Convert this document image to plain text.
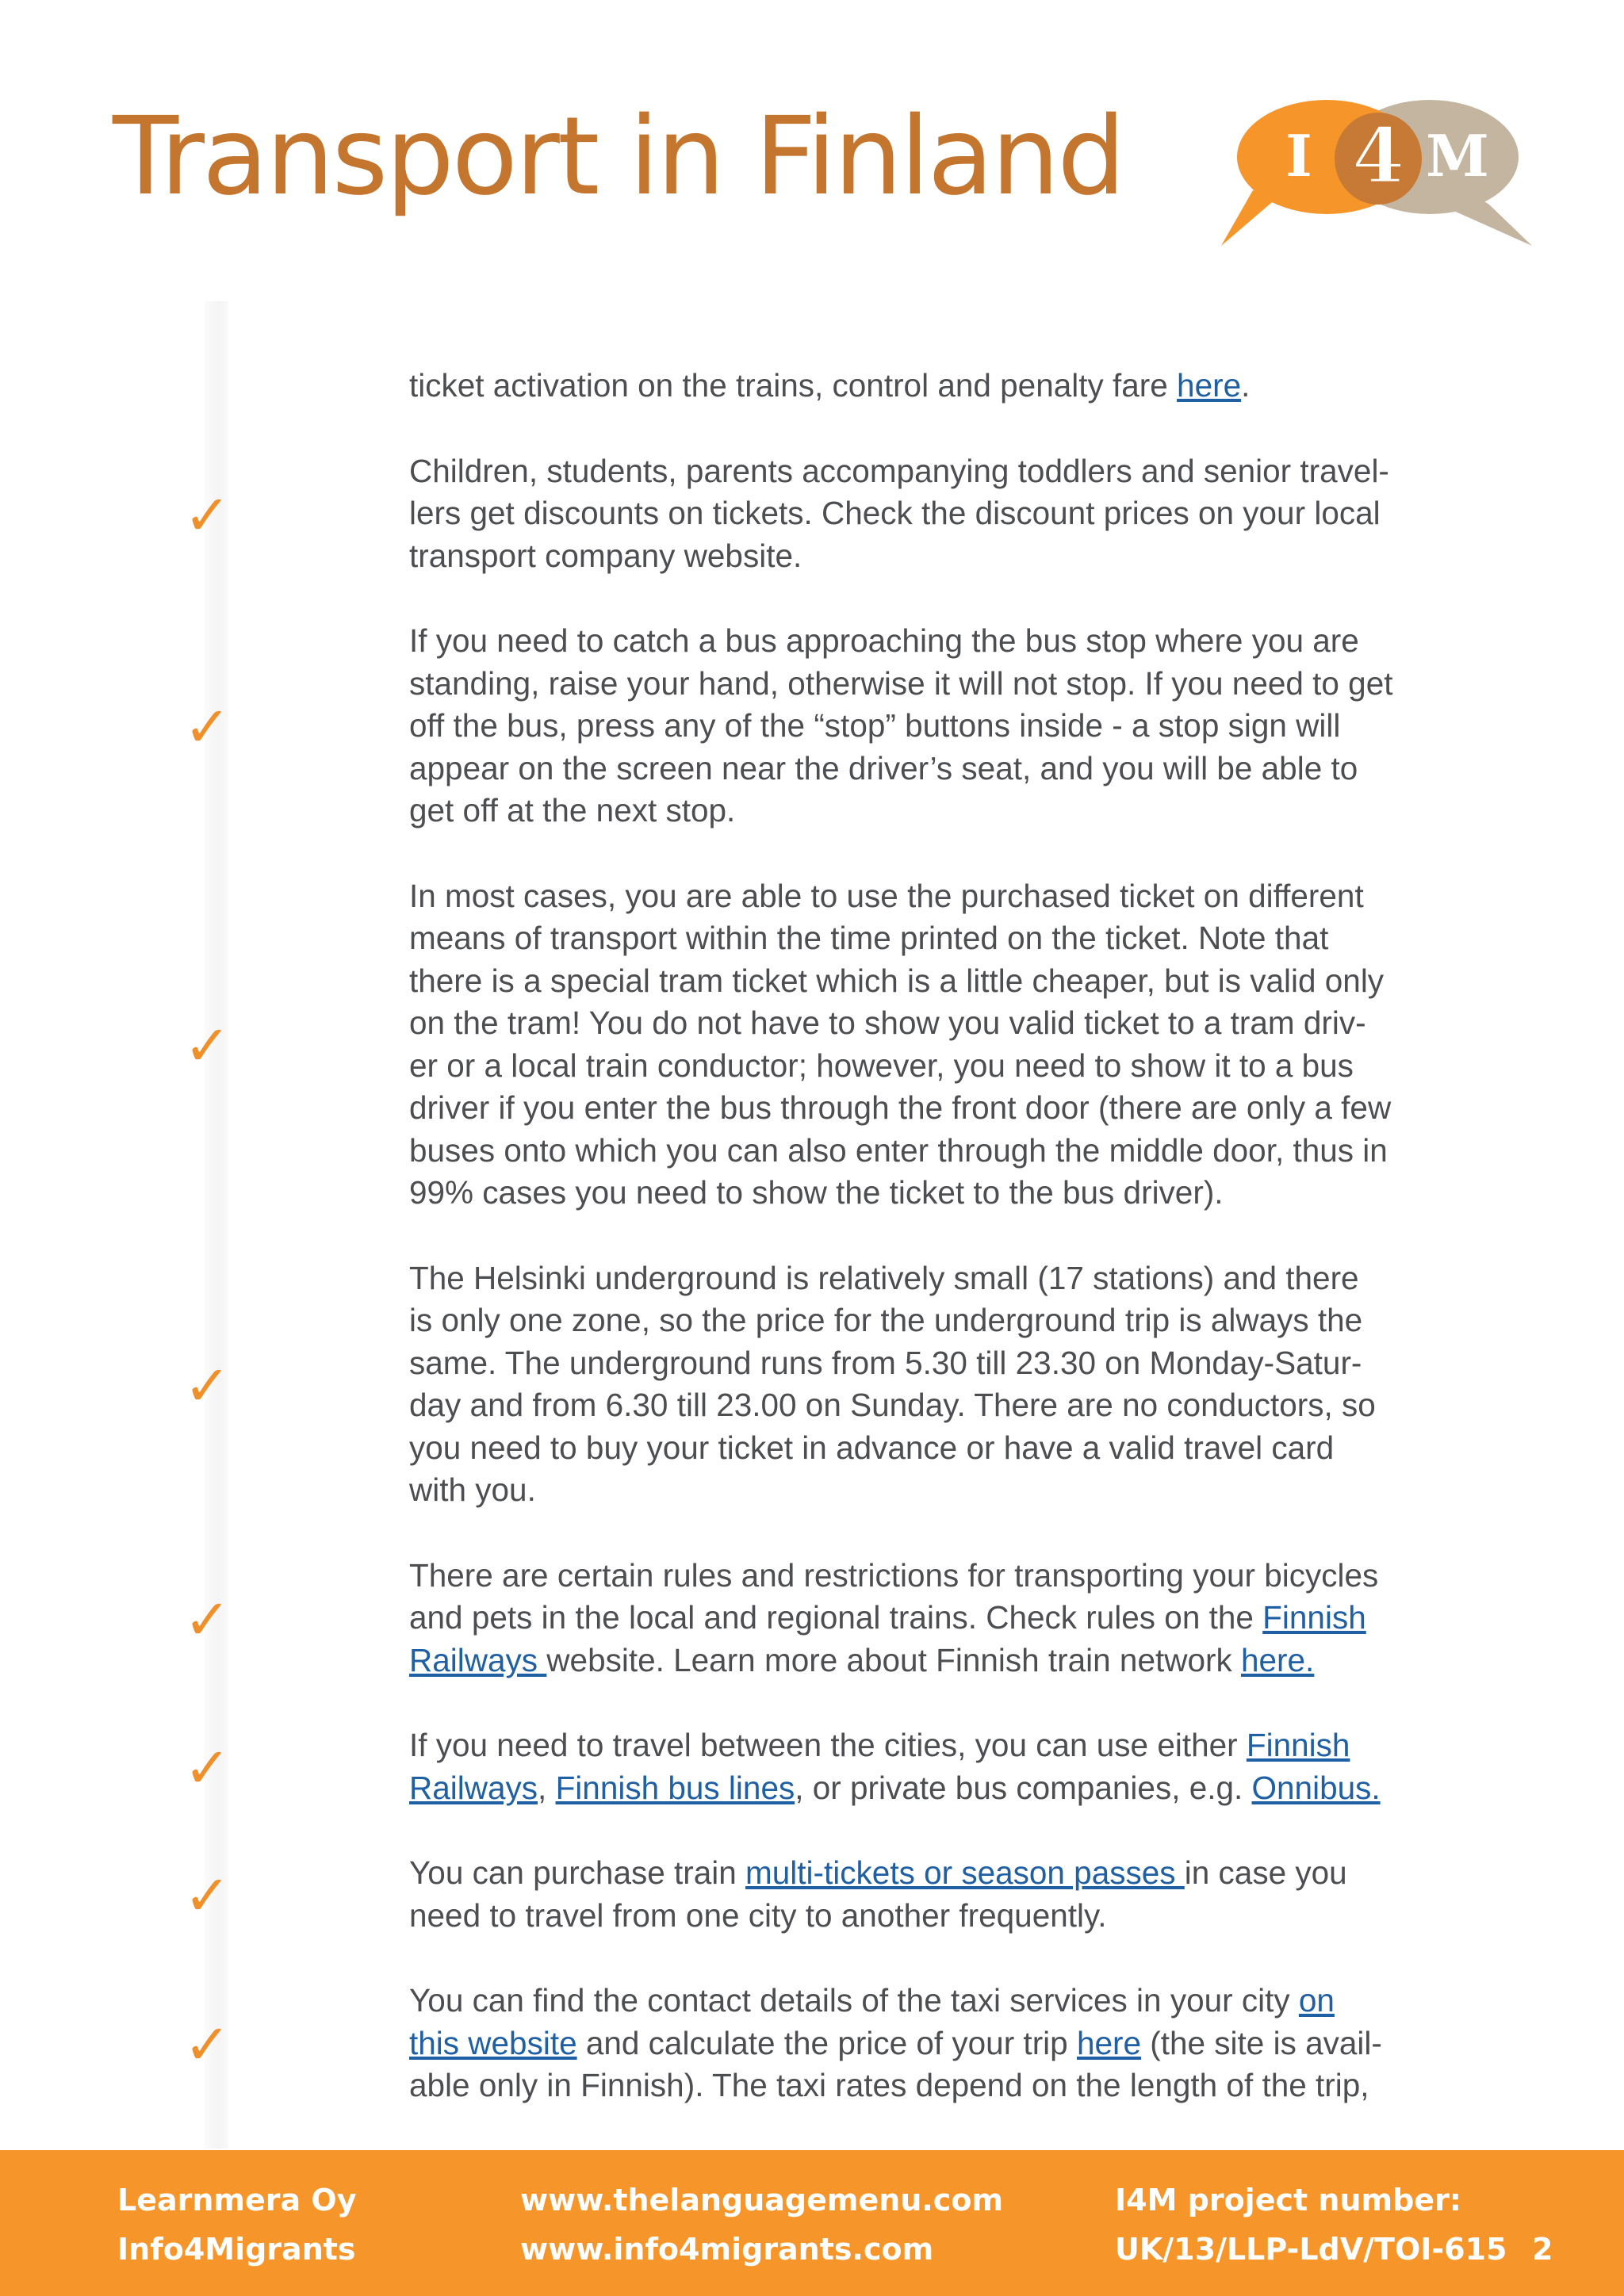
Transport in Finland	I 4 M
✓
✓
✓
✓
✓
✓
✓
✓

ticket activation on the trains, control and penalty fare here.

Children, students, parents accompanying toddlers and senior travel-
lers get discounts on tickets. Check the discount prices on your local
transport company website.

If you need to catch a bus approaching the bus stop where you are
standing, raise your hand, otherwise it will not stop. If you need to get
off the bus, press any of the “stop” buttons inside - a stop sign will
appear on the screen near the driver’s seat, and you will be able to
get off at the next stop.

In most cases, you are able to use the purchased ticket on different
means of transport within the time printed on the ticket. Note that
there is a special tram ticket which is a little cheaper, but is valid only
on the tram! You do not have to show you valid ticket to a tram driv-
er or a local train conductor; however, you need to show it to a bus
driver if you enter the bus through the front door (there are only a few
buses onto which you can also enter through the middle door, thus in
99% cases you need to show the ticket to the bus driver).

The Helsinki underground is relatively small (17 stations) and there
is only one zone, so the price for the underground trip is always the
same. The underground runs from 5.30 till 23.30 on Monday-Satur-
day and from 6.30 till 23.00 on Sunday. There are no conductors, so
you need to buy your ticket in advance or have a valid travel card
with you.

There are certain rules and restrictions for transporting your bicycles
and pets in the local and regional trains. Check rules on the Finnish
Railways website. Learn more about Finnish train network here.

If you need to travel between the cities, you can use either Finnish
Railways, Finnish bus lines, or private bus companies, e.g. Onnibus.

You can purchase train multi-tickets or season passes in case you
need to travel from one city to another frequently.

You can find the contact details of the taxi services in your city on
this website and calculate the price of your trip here (the site is avail-
able only in Finnish). The taxi rates depend on the length of the trip,

Learnmera Oy
Info4Migrants
www.thelanguagemenu.com
www.info4migrants.com
I4M project number:
UK/13/LLP-LdV/TOI-615 2
